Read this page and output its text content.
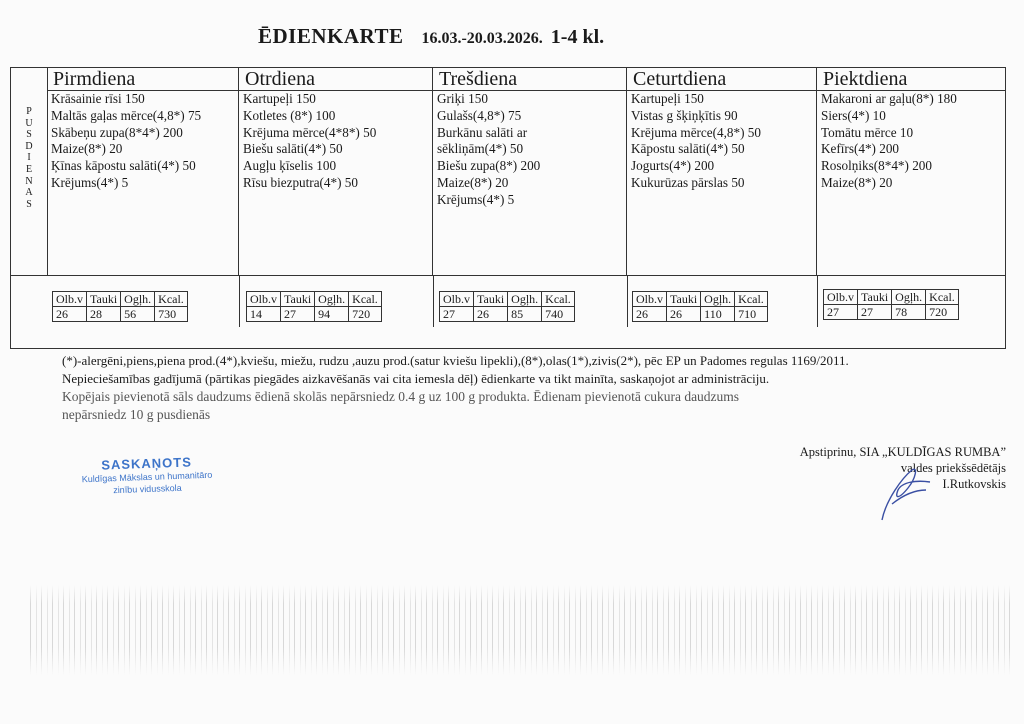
ĒDIENKARTE 16.03.-20.03.2026. 1-4 kl.
P
U
S
D
I
E
N
A
S
Pirmdiena
Krāsainie rīsi 150
Maltās gaļas mērce(4,8*) 75
Skābeņu zupa(8*4*) 200
Maize(8*) 20
Ķīnas kāpostu salāti(4*) 50
Krējums(4*) 5
Otrdiena
Kartupeļi 150
Kotletes (8*) 100
Krējuma mērce(4*8*) 50
Biešu salāti(4*) 50
Augļu ķīselis 100
Rīsu biezputra(4*) 50
Trešdiena
Griķi 150
Gulašs(4,8*) 75
Burkānu salāti ar
sēkliņām(4*) 50
Biešu zupa(8*) 200
Maize(8*) 20
Krējums(4*) 5
Ceturtdiena
Kartupeļi 150
Vistas g šķiņķītis 90
Krējuma mērce(4,8*) 50
Kāpostu salāti(4*) 50
Jogurts(4*) 200
Kukurūzas pārslas 50
Piektdiena
Makaroni ar gaļu(8*) 180
Siers(4*) 10
Tomātu mērce 10
Kefīrs(4*) 200
Rosolņiks(8*4*) 200
Maize(8*) 20
Olb.v	Tauki	Ogļh.	Kcal.
26	28	56	730
Olb.v	Tauki	Ogļh.	Kcal.
14	27	94	720
Olb.v	Tauki	Ogļh.	Kcal.
27	26	85	740
Olb.v	Tauki	Ogļh.	Kcal.
26	26	110	710
Olb.v	Tauki	Ogļh.	Kcal.
27	27	78	720

(*)-alergēni,piens,piena prod.(4*),kviešu, miežu, rudzu ,auzu prod.(satur kviešu lipekli),(8*),olas(1*),zivis(2*), pēc EP un Padomes regulas 1169/2011.

Nepieciešamības gadījumā (pārtikas piegādes aizkavēšanās vai cita iemesla dēļ) ēdienkarte va tikt mainīta, saskaņojot ar administrāciju.

Kopējais pievienotā sāls daudzums ēdienā skolās nepārsniedz 0.4 g uz 100 g produkta. Ēdienam pievienotā cukura daudzums

nepārsniedz 10 g pusdienās

SASKAŅOTS
Kuldīgas Mākslas un humanitāro
zinību vidusskola
Apstiprinu, SIA „KULDĪGAS RUMBA”
valdes priekšsēdētājs
I.Rutkovskis
